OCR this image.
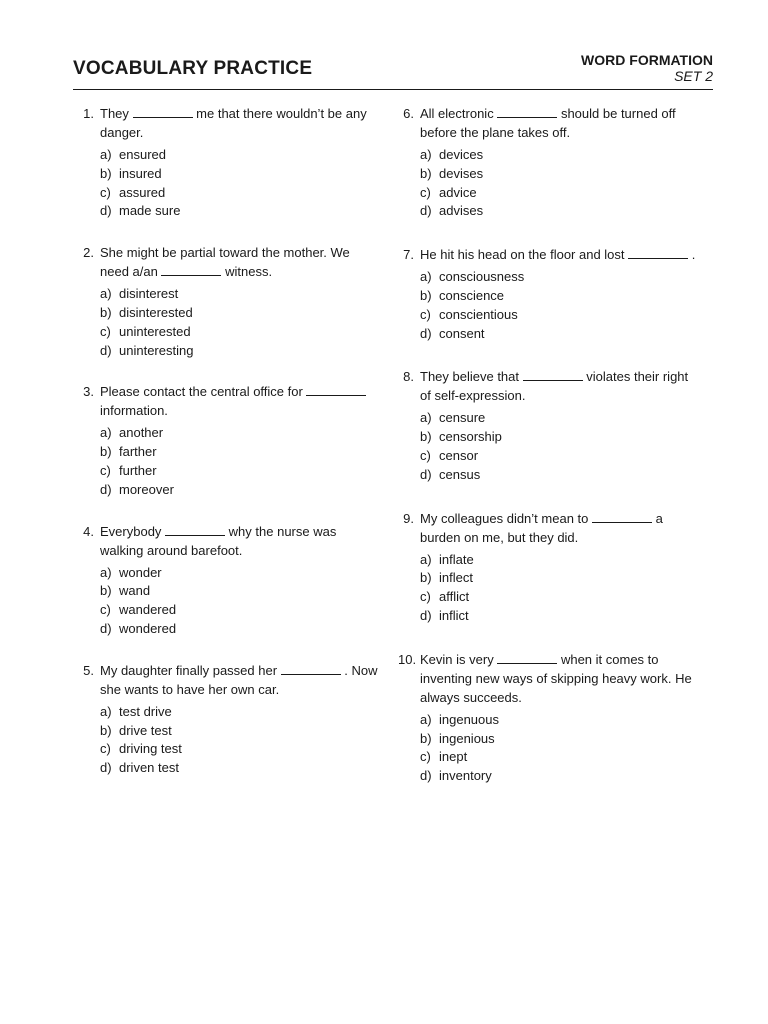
VOCABULARY PRACTICE	WORD FORMATION
SET 2
1. They	me that there wouldn’t be any danger.
a) ensured
b) insured
c) assured
d) made sure
2. She might be partial toward the mother. We need a/an	witness.
a) disinterest
b) disinterested
c) uninterested
d) uninteresting
3. Please contact the central office for  information.
a) another
b) farther
c) further
d) moreover
4. Everybody	why the nurse was walking around barefoot.
a) wonder
b) wand
c) wandered
d) wondered
5. My daughter finally passed her	. Now she wants to have her own car.
a) test drive
b) drive test
c) driving test
d) driven test
6. All electronic	should be turned off before the plane takes off.
a) devices
b) devises
c) advice
d) advises
7. He hit his head on the floor and lost	.
a) consciousness
b) conscience
c) conscientious
d) consent
8. They believe that	violates their right of self-expression.
a) censure
b) censorship
c) censor
d) census
9. My colleagues didn’t mean to	a burden on me, but they did.
a) inflate
b) inflect
c) afflict
d) inflict
10. Kevin is very	when it comes to inventing new ways of skipping heavy work. He always succeeds.
a) ingenuous
b) ingenious
c) inept
d) inventory
